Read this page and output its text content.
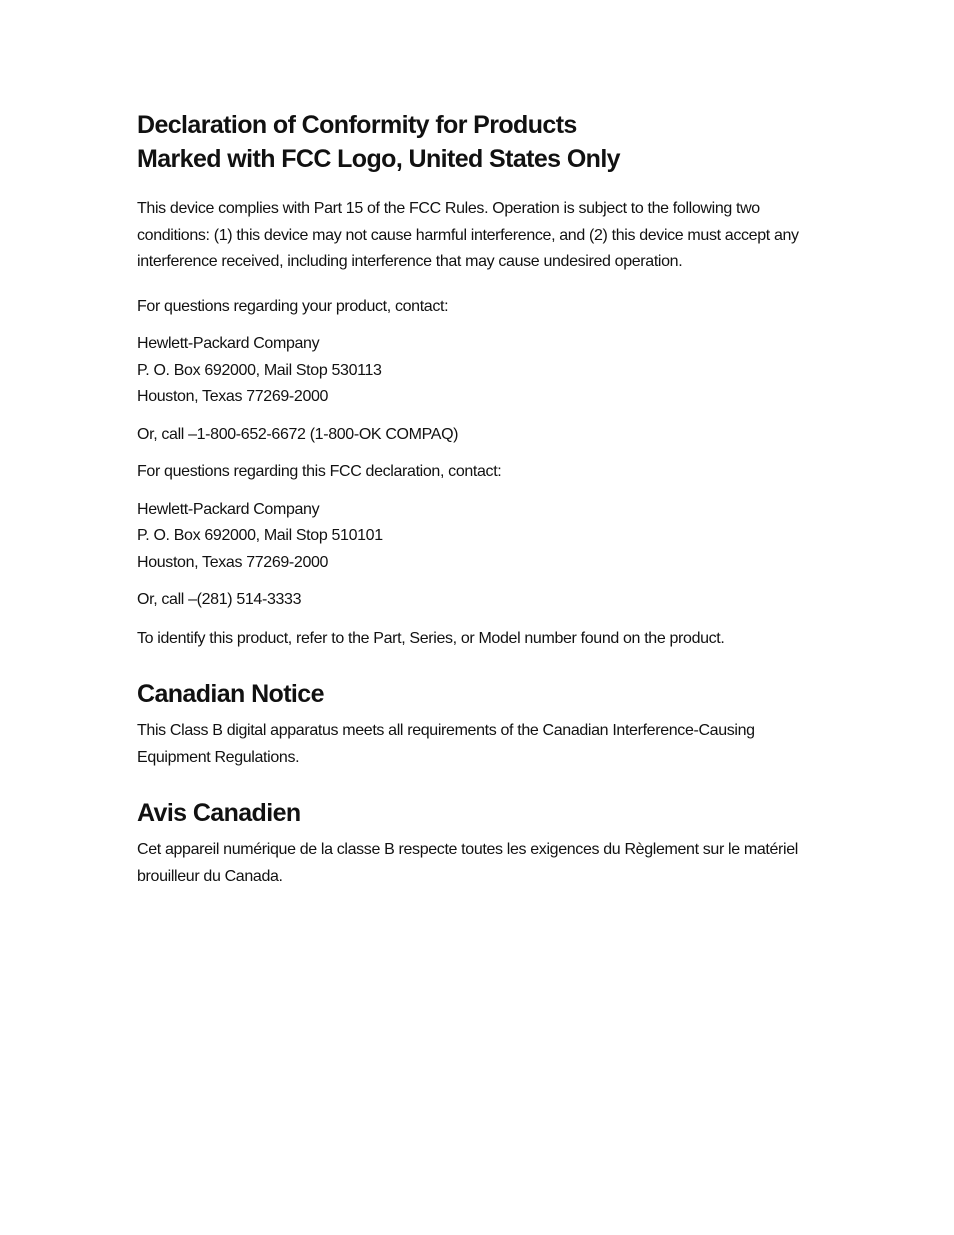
Declaration of Conformity for Products
Marked with FCC Logo, United States Only

This device complies with Part 15 of the FCC Rules. Operation is subject to the following two
conditions: (1) this device may not cause harmful interference, and (2) this device must accept any
interference received, including interference that may cause undesired operation.

For questions regarding your product, contact:

Hewlett-Packard Company
P. O. Box 692000, Mail Stop 530113
Houston, Texas 77269-2000

Or, call –1-800-652-6672 (1-800-OK COMPAQ)

For questions regarding this FCC declaration, contact:

Hewlett-Packard Company
P. O. Box 692000, Mail Stop 510101
Houston, Texas 77269-2000

Or, call –(281) 514-3333

To identify this product, refer to the Part, Series, or Model number found on the product.

Canadian Notice

This Class B digital apparatus meets all requirements of the Canadian Interference-Causing
Equipment Regulations.

Avis Canadien

Cet appareil numérique de la classe B respecte toutes les exigences du Règlement sur le matériel
brouilleur du Canada.
